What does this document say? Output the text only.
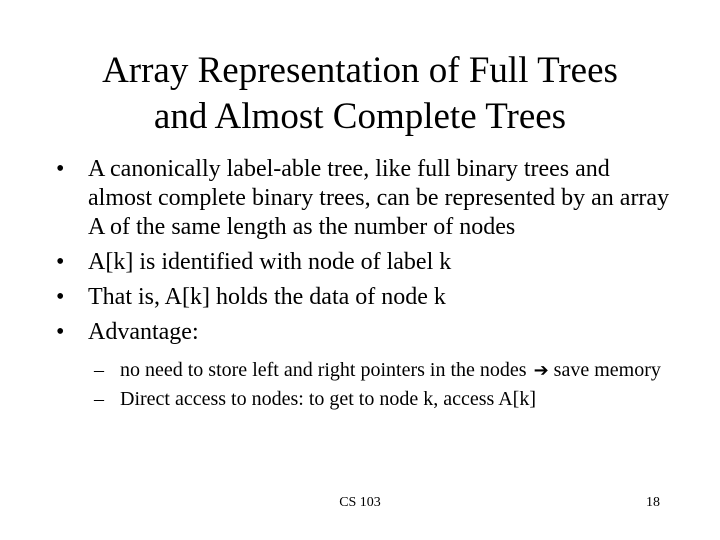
Array Representation of Full Trees
and Almost Complete Trees
• A canonically label-able tree, like full binary trees and almost complete binary trees, can be represented by an array A of the same length as the number of nodes
• A[k] is identified with node of label k
• That is, A[k] holds the data of node k
• Advantage:
– no need to store left and right pointers in the nodes ➔ save memory
– Direct access to nodes: to get to node k, access A[k]
CS 103	18
